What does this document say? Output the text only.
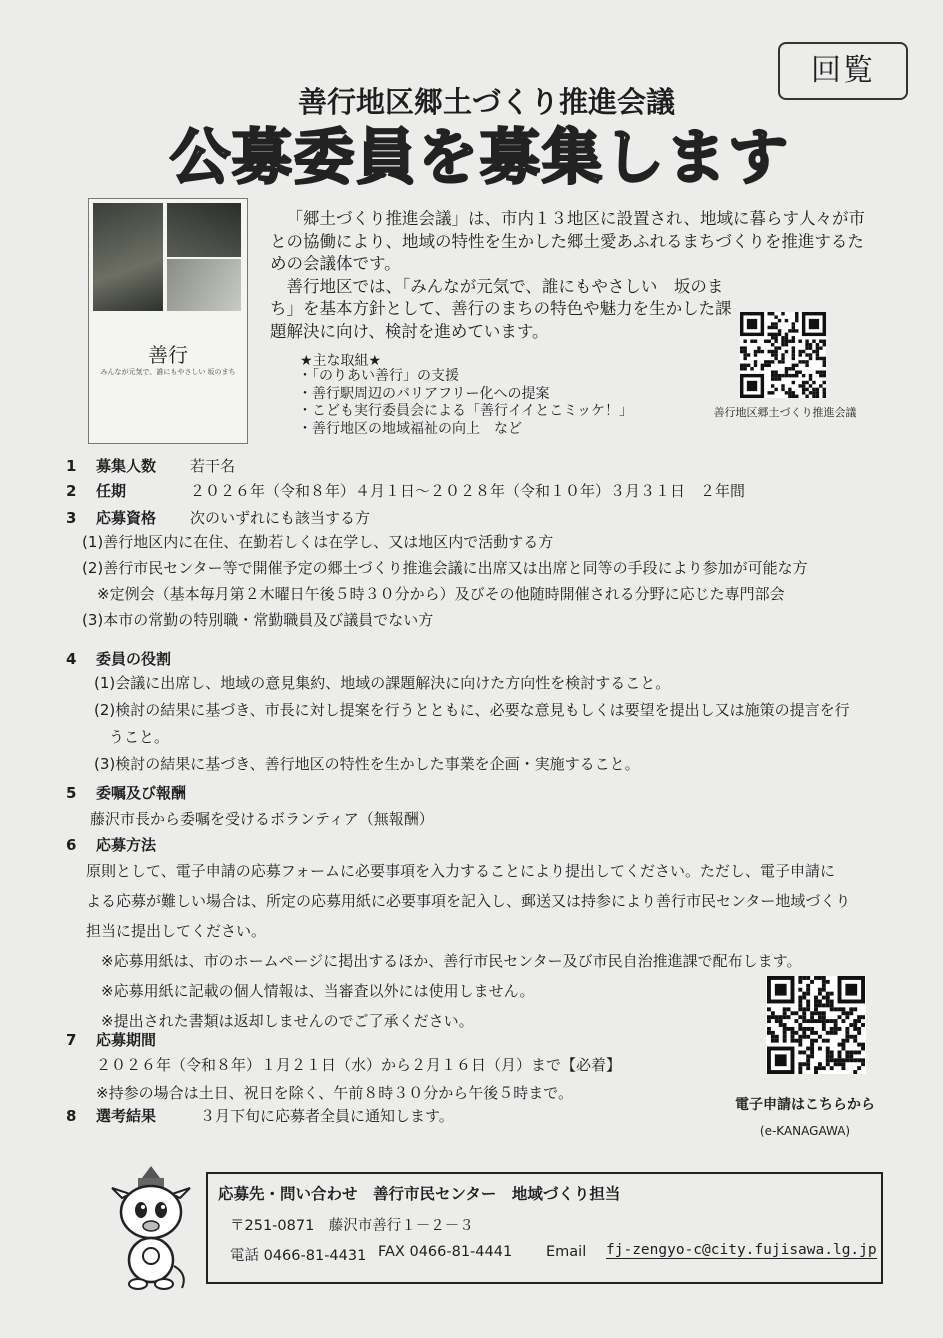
回覧
善行地区郷土づくり推進会議
公募委員を募集します
善行
みんなが元気で、誰にもやさしい 坂のまち

「郷土づくり推進会議」は、市内１３地区に設置され、地域に暮らす人々が市との協働により、地域の特性を生かした郷土愛あふれるまちづくりを推進するための会議体です。

善行地区では、「みんなが元気で、誰にもやさしい　坂のまち」を基本方針として、善行のまちの特色や魅力を生かした課題解決に向け、検討を進めています。

★主な取組★
・「のりあい善行」の支援
・善行駅周辺のバリアフリー化への提案
・こども実行委員会による「善行イイとこミッケ！」
・善行地区の地域福祉の向上　など
善行地区郷土づくり推進会議
1 募集人数 若干名
2 任期	２０２６年（令和８年）４月１日～２０２８年（令和１０年）３月３１日　２年間
3 応募資格 次のいずれにも該当する方
(1)善行地区内に在住、在勤若しくは在学し、又は地区内で活動する方
(2)善行市民センター等で開催予定の郷土づくり推進会議に出席又は出席と同等の手段により参加が可能な方
　※定例会（基本毎月第２木曜日午後５時３０分から）及びその他随時開催される分野に応じた専門部会
(3)本市の常勤の特別職・常勤職員及び議員でない方
4 委員の役割
(1)会議に出席し、地域の意見集約、地域の課題解決に向けた方向性を検討すること。
(2)検討の結果に基づき、市長に対し提案を行うとともに、必要な意見もしくは要望を提出し又は施策の提言を行
　うこと。
(3)検討の結果に基づき、善行地区の特性を生かした事業を企画・実施すること。
5 委嘱及び報酬
藤沢市長から委嘱を受けるボランティア（無報酬）
6 応募方法
原則として、電子申請の応募フォームに必要事項を入力することにより提出してください。ただし、電子申請に
よる応募が難しい場合は、所定の応募用紙に必要事項を記入し、郵送又は持参により善行市民センター地域づくり
担当に提出してください。
　※応募用紙は、市のホームページに掲出するほか、善行市民センター及び市民自治推進課で配布します。
　※応募用紙に記載の個人情報は、当審査以外には使用しません。
　※提出された書類は返却しませんのでご了承ください。
7 応募期間
２０２６年（令和８年）１月２１日（水）から２月１６日（月）まで【必着】
※持参の場合は土日、祝日を除く、午前８時３０分から午後５時まで。
8 選考結果	３月下旬に応募者全員に通知します。
電子申請はこちらから
(e-KANAGAWA)
応募先・問い合わせ　善行市民センター　地域づくり担当
〒251-0871　藤沢市善行１－２－３
電話 0466-81-4431 FAX 0466-81-4441 Email fj-zengyo-c@city.fujisawa.lg.jp
